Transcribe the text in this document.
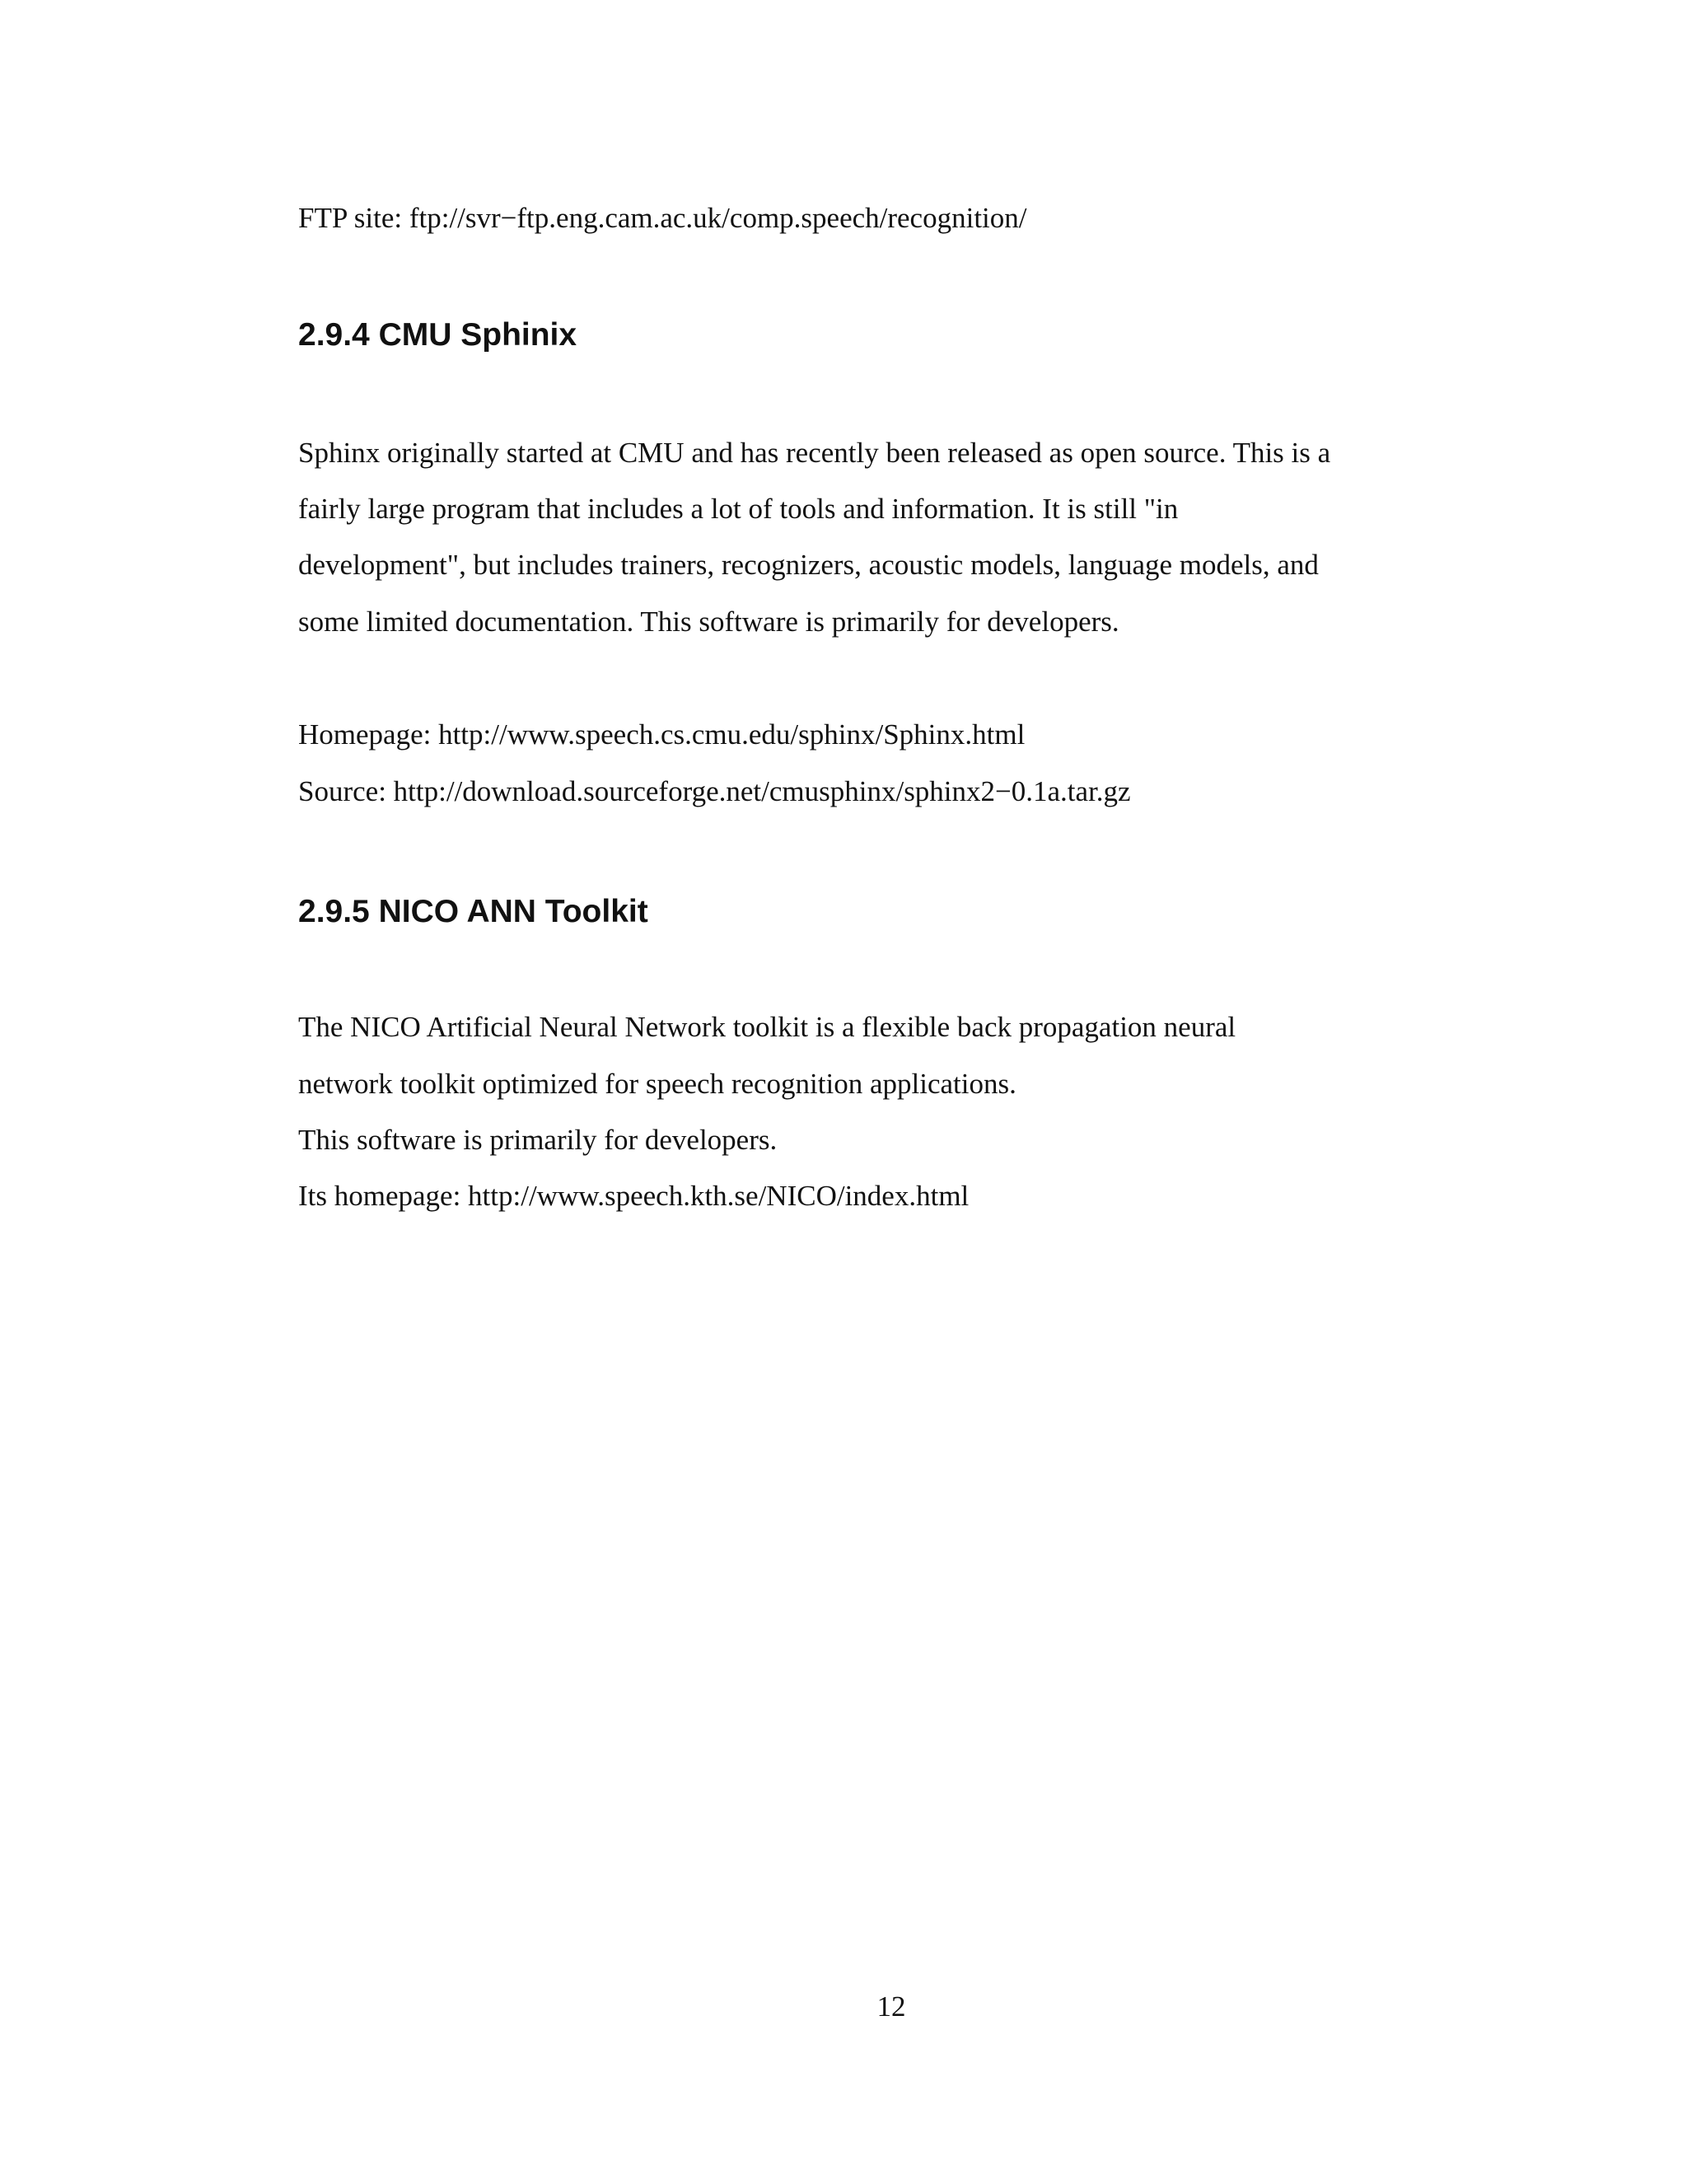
FTP site: ftp://svr−ftp.eng.cam.ac.uk/comp.speech/recognition/
2.9.4 CMU Sphinix
Sphinx originally started at CMU and has recently been released as open source. This is a
fairly large program that includes a lot of tools and information. It is still "in
development", but includes trainers, recognizers, acoustic models, language models, and
some limited documentation. This software is primarily for developers.
Homepage: http://www.speech.cs.cmu.edu/sphinx/Sphinx.html
Source: http://download.sourceforge.net/cmusphinx/sphinx2−0.1a.tar.gz
2.9.5 NICO ANN Toolkit
The NICO Artificial Neural Network toolkit is a flexible back propagation neural
network toolkit optimized for speech recognition applications.
This software is primarily for developers.
Its homepage: http://www.speech.kth.se/NICO/index.html
12
